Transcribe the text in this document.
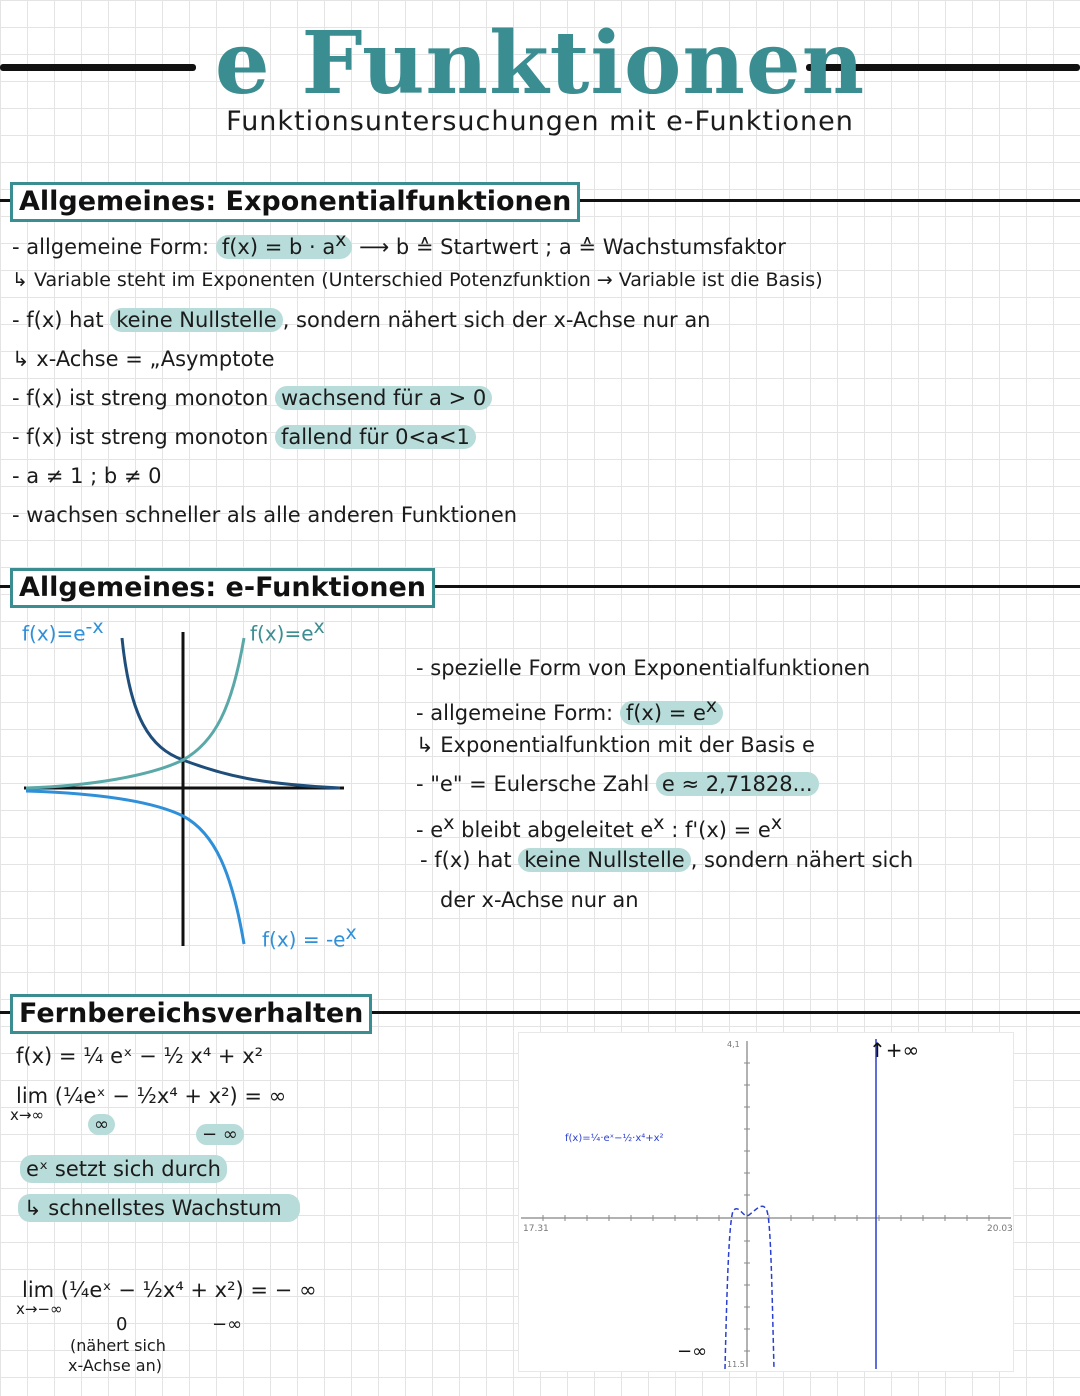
e Funktionen
Funktionsuntersuchungen mit e-Funktionen
Allgemeines: Exponentialfunktionen
- allgemeine Form: $f(x) = b \cdot a^x$ ⟶ b ≙ Startwert ; a ≙ Wachstumsfaktor
↳ Variable steht im Exponenten (Unterschied Potenzfunktion → Variable ist die Basis)
- f(x) hat keine Nullstelle , sondern nähert sich der x-Achse nur an
↳ x-Achse = „Asymptote
- f(x) ist streng monoton wachsend für a > 0
- f(x) ist streng monoton fallend für 0<a<1
- a ≠ 1 ; b ≠ 0
- wachsen schneller als alle anderen Funktionen
Allgemeines: e-Funktionen
$f(x)=e^{-x}$	$f(x)=e^x$
$f(x) = -e^x$
- spezielle Form von Exponentialfunktionen
- allgemeine Form: $f(x) = e^x$
↳ Exponentialfunktion mit der Basis e
- "e" = Eulersche Zahl e ≈ 2,71828...
- $e^x$ bleibt abgeleitet $e^x$ : $f'(x) = e^x$
- f(x) hat keine Nullstelle , sondern nähert sich
der x-Achse nur an
Fernbereichsverhalten
f(x) = ¼ eˣ − ½ x⁴ + x²
lim (¼eˣ − ½x⁴ + x²) = ∞
x→∞	∞	− ∞
eˣ setzt sich durch
↳ schnellstes Wachstum
lim (¼eˣ − ½x⁴ + x²) = − ∞
x→−∞
0	−∞
(nähert sich
x-Achse an)
4,1
17.31	20.03
11.5
f(x)=¼·eˣ−½·x⁴+x²
↑+∞
−∞
